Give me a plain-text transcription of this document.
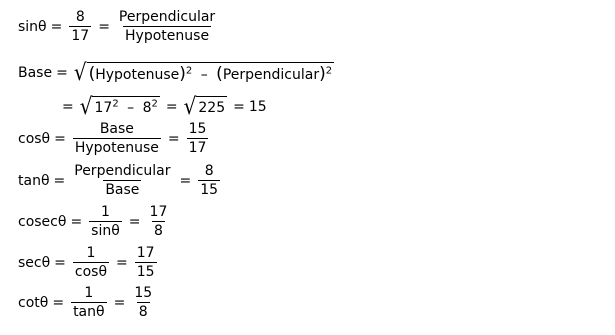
$\sin\theta = \frac{8}{17} = \frac{\text{Perpendicular}}{\text{Hypotenuse}}$
Base = √ (Hypotenuse)$^2$ – (Perpendicular)$^2$
= √ $17^2 - 8^2$ = √ 225 = 15
$\cos\theta = \frac{\text{Base}}{\text{Hypotenuse}} = \frac{15}{17}$
$\tan\theta = \frac{\text{Perpendicular}}{\text{Base}} = \frac{8}{15}$
$cosec\theta = \frac{1}{\sin\theta} = \frac{17}{8}$
$\sec\theta = \frac{1}{\cos\theta} = \frac{17}{15}$
$\cot\theta = \frac{1}{\tan\theta} = \frac{15}{8}$
